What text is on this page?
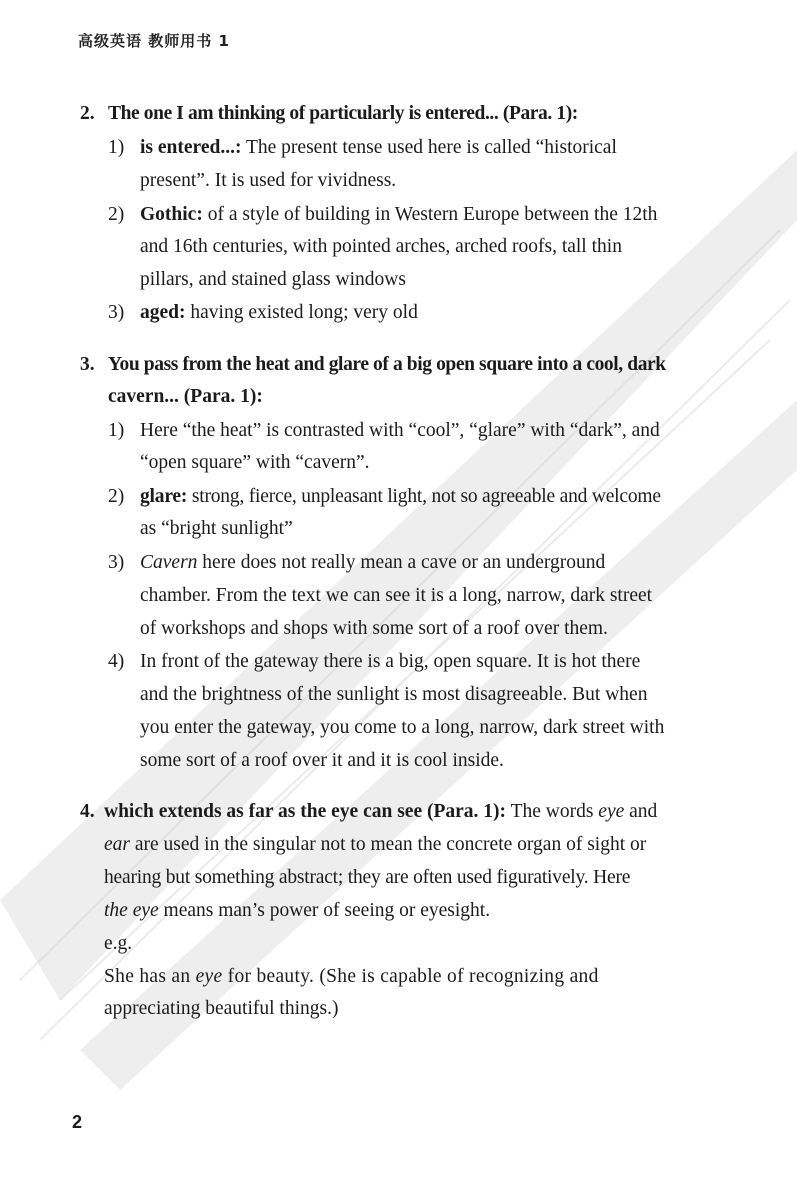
高级英语 教师用书 1
2. The one I am thinking of particularly is entered... (Para. 1):
1) is entered...: The present tense used here is called “historical
present”. It is used for vividness.
2) Gothic: of a style of building in Western Europe between the 12th
and 16th centuries, with pointed arches, arched roofs, tall thin
pillars, and stained glass windows
3) aged: having existed long; very old
3. You pass from the heat and glare of a big open square into a cool, dark
cavern... (Para. 1):
1) Here “the heat” is contrasted with “cool”, “glare” with “dark”, and
“open square” with “cavern”.
2) glare: strong, fierce, unpleasant light, not so agreeable and welcome
as “bright sunlight”
3) Cavern here does not really mean a cave or an underground
chamber. From the text we can see it is a long, narrow, dark street
of workshops and shops with some sort of a roof over them.
4) In front of the gateway there is a big, open square. It is hot there
and the brightness of the sunlight is most disagreeable. But when
you enter the gateway, you come to a long, narrow, dark street with
some sort of a roof over it and it is cool inside.
4. which extends as far as the eye can see (Para. 1): The words eye and
ear are used in the singular not to mean the concrete organ of sight or
hearing but something abstract; they are often used figuratively. Here
the eye means man’s power of seeing or eyesight.
e.g.
She has an eye for beauty. (She is capable of recognizing and
appreciating beautiful things.)
2
